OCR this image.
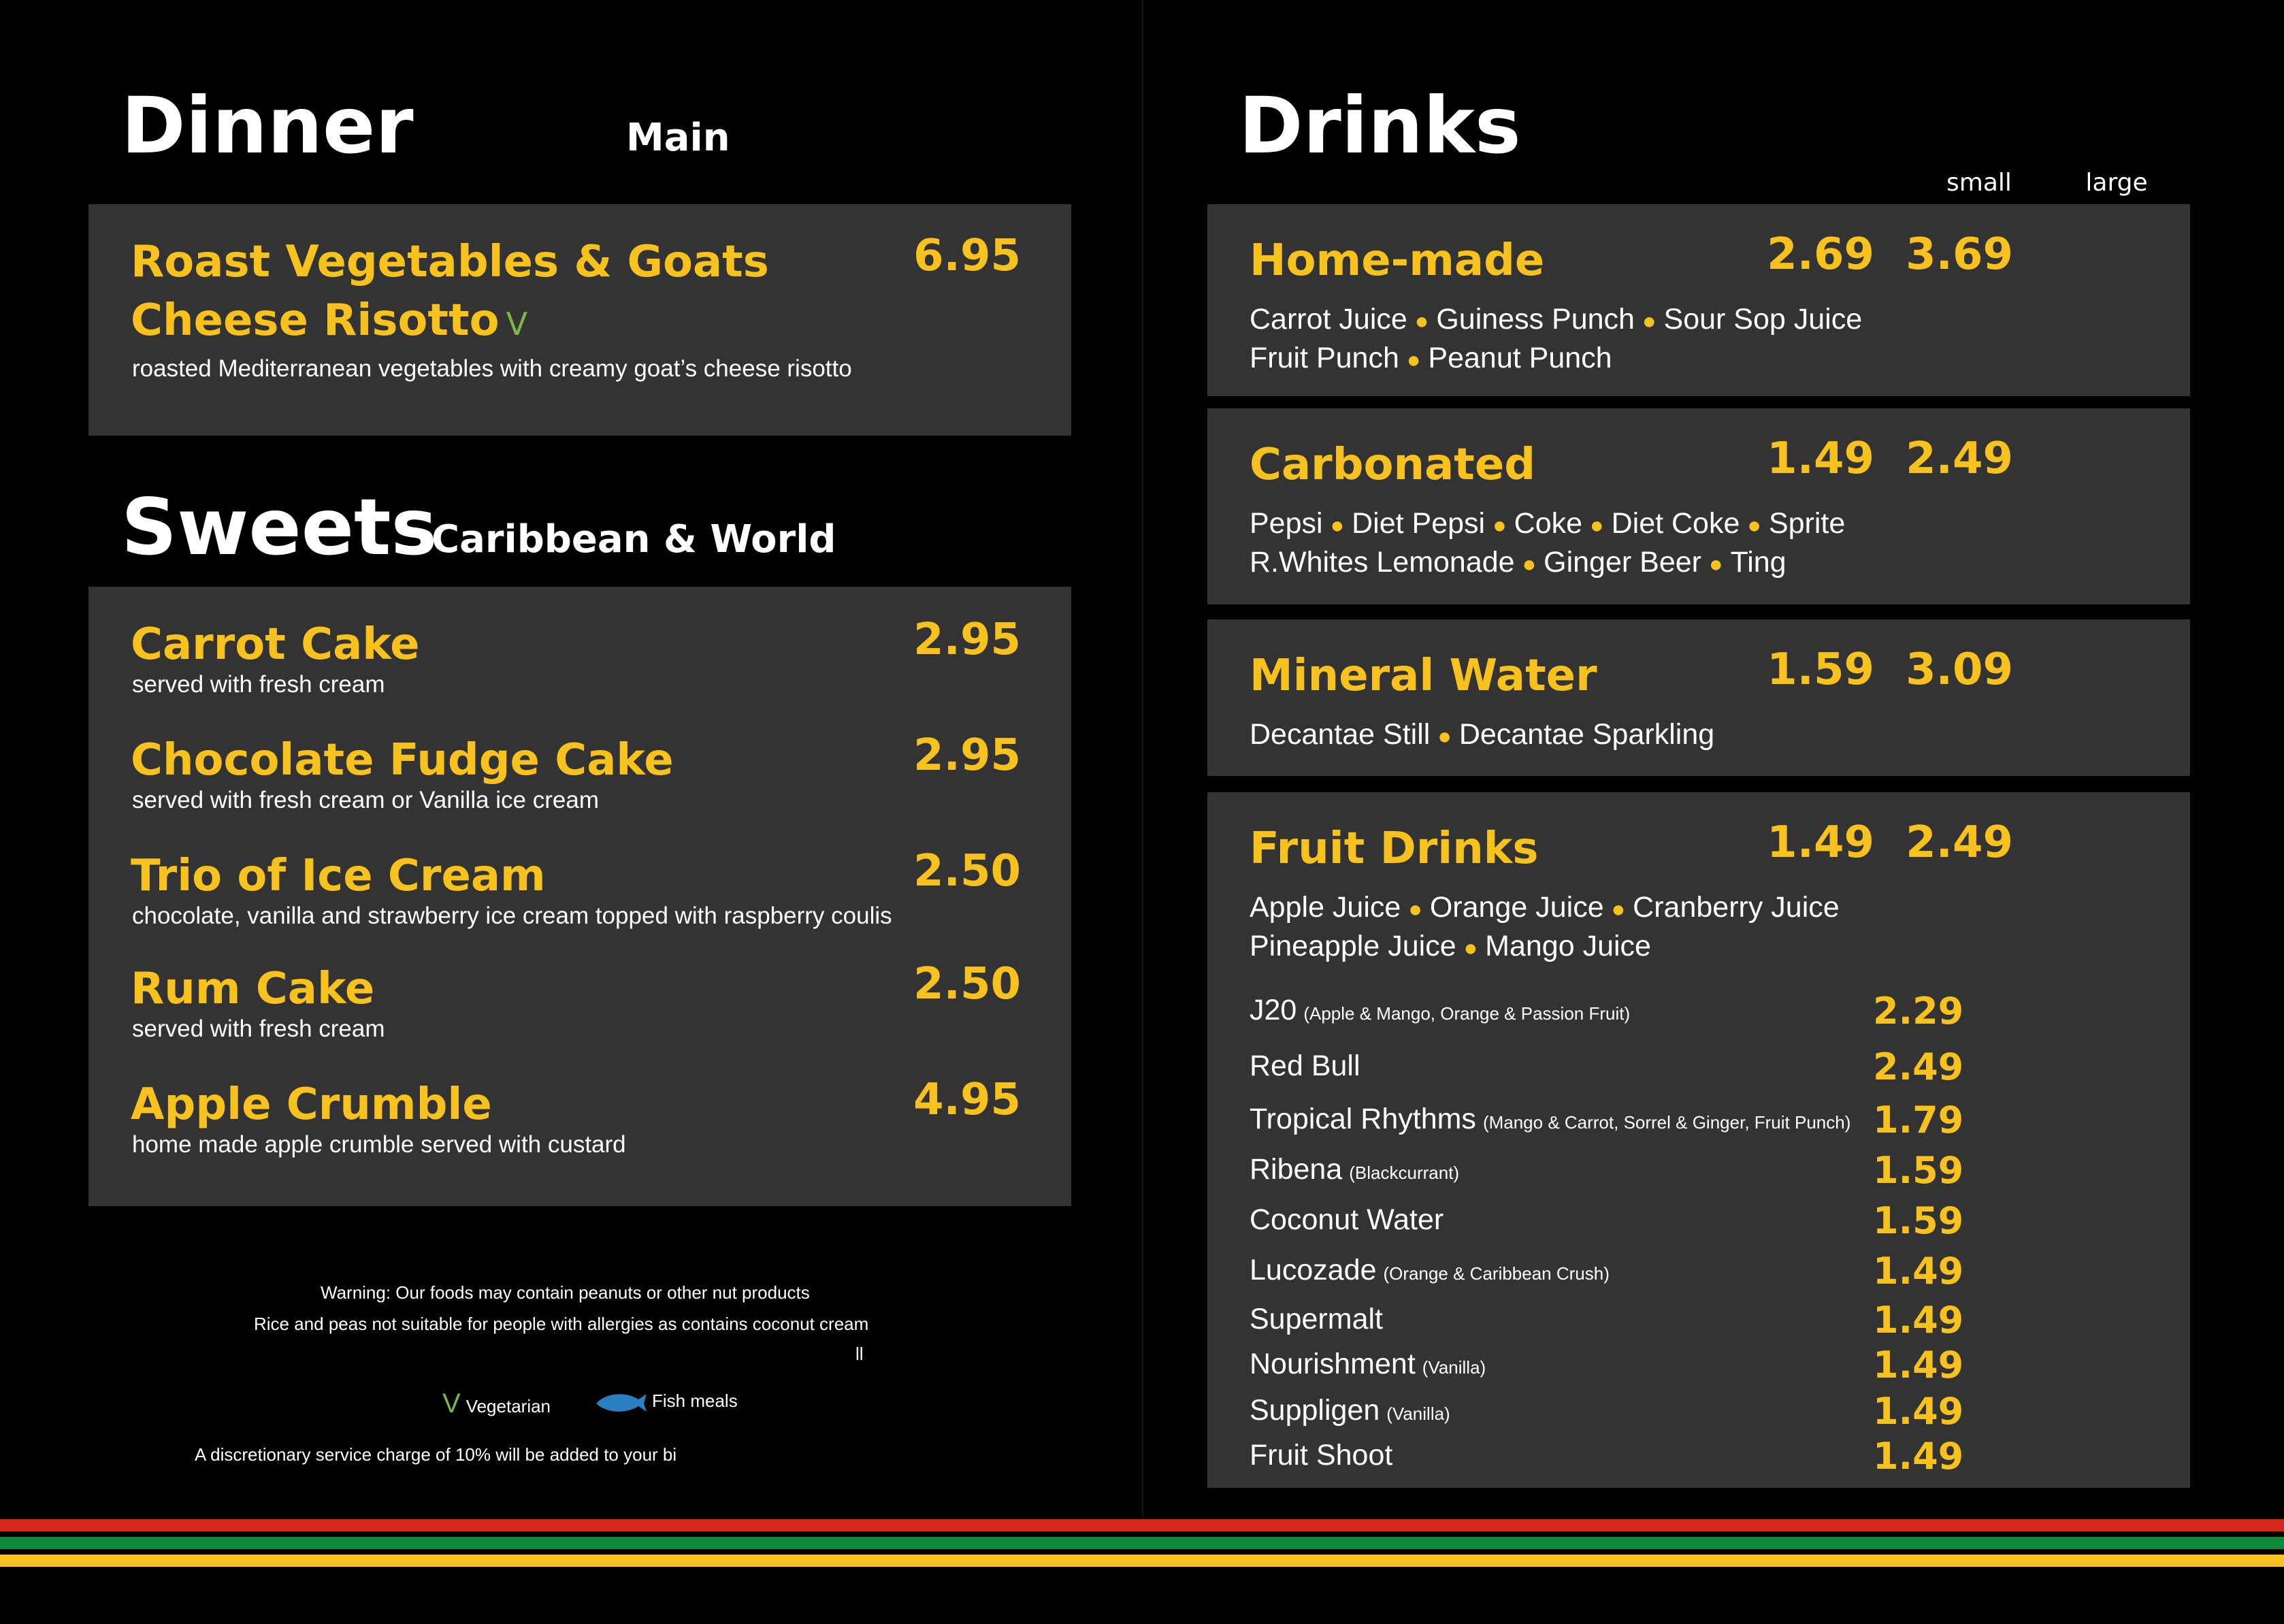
Dinner	Main
Roast Vegetables & Goats
Cheese Risotto V
6.95
roasted Mediterranean vegetables with creamy goat’s cheese risotto
Sweets
Caribbean & World
Carrot Cake	2.95
served with fresh cream
Chocolate Fudge Cake	2.95
served with fresh cream or Vanilla ice cream
Trio of Ice Cream	2.50
chocolate, vanilla and strawberry ice cream topped with raspberry coulis
Rum Cake	2.50
served with fresh cream
Apple Crumble	4.95
home made apple crumble served with custard
Warning: Our foods may contain peanuts or other nut products
Rice and peas not suitable for people with allergies as contains coconut cream
ll
V Vegetarian	Fish meals
A discretionary service charge of 10% will be added to your bi
Drinks
small	large
Home-made	2.69 3.69
Carrot Juice ● Guiness Punch ● Sour Sop Juice
Fruit Punch ● Peanut Punch
Carbonated	1.49 2.49
Pepsi ● Diet Pepsi ● Coke ● Diet Coke ● Sprite
R.Whites Lemonade ● Ginger Beer ● Ting
Mineral Water	1.59 3.09
Decantae Still ● Decantae Sparkling
Fruit Drinks	1.49 2.49
Apple Juice ● Orange Juice ● Cranberry Juice
Pineapple Juice ● Mango Juice
J20 (Apple & Mango, Orange & Passion Fruit)	2.29
Red Bull	2.49
Tropical Rhythms (Mango & Carrot, Sorrel & Ginger, Fruit Punch) 1.79
Ribena (Blackcurrant)	1.59
Coconut Water	1.59
Lucozade (Orange & Caribbean Crush)	1.49
Supermalt	1.49
Nourishment (Vanilla)	1.49
Suppligen (Vanilla)	1.49
Fruit Shoot	1.49
